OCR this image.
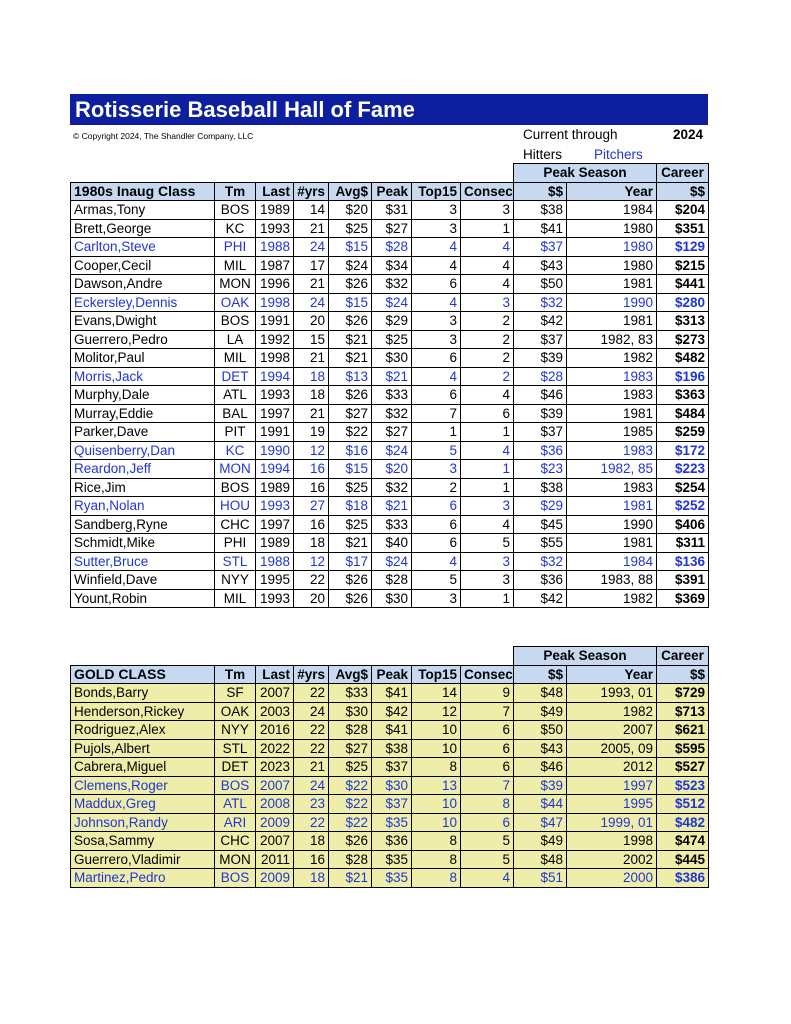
Rotisserie Baseball Hall of Fame
© Copyright 2024, The Shandler Company, LLC	Current through	2024
Hitters Pitchers
								Peak Season		Career
1980s Inaug Class	Tm	Last	#yrs	Avg$	Peak	Top15	Consec	$$	Year	$$
Armas,Tony	BOS	1989	14	$20	$31	3	3	$38	1984	$204
Brett,George	KC	1993	21	$25	$27	3	1	$41	1980	$351
Carlton,Steve	PHI	1988	24	$15	$28	4	4	$37	1980	$129
Cooper,Cecil	MIL	1987	17	$24	$34	4	4	$43	1980	$215
Dawson,Andre	MON	1996	21	$26	$32	6	4	$50	1981	$441
Eckersley,Dennis	OAK	1998	24	$15	$24	4	3	$32	1990	$280
Evans,Dwight	BOS	1991	20	$26	$29	3	2	$42	1981	$313
Guerrero,Pedro	LA	1992	15	$21	$25	3	2	$37	1982, 83	$273
Molitor,Paul	MIL	1998	21	$21	$30	6	2	$39	1982	$482
Morris,Jack	DET	1994	18	$13	$21	4	2	$28	1983	$196
Murphy,Dale	ATL	1993	18	$26	$33	6	4	$46	1983	$363
Murray,Eddie	BAL	1997	21	$27	$32	7	6	$39	1981	$484
Parker,Dave	PIT	1991	19	$22	$27	1	1	$37	1985	$259
Quisenberry,Dan	KC	1990	12	$16	$24	5	4	$36	1983	$172
Reardon,Jeff	MON	1994	16	$15	$20	3	1	$23	1982, 85	$223
Rice,Jim	BOS	1989	16	$25	$32	2	1	$38	1983	$254
Ryan,Nolan	HOU	1993	27	$18	$21	6	3	$29	1981	$252
Sandberg,Ryne	CHC	1997	16	$25	$33	6	4	$45	1990	$406
Schmidt,Mike	PHI	1989	18	$21	$40	6	5	$55	1981	$311
Sutter,Bruce	STL	1988	12	$17	$24	4	3	$32	1984	$136
Winfield,Dave	NYY	1995	22	$26	$28	5	3	$36	1983, 88	$391
Yount,Robin	MIL	1993	20	$26	$30	3	1	$42	1982	$369
								Peak Season		Career
GOLD CLASS	Tm	Last	#yrs	Avg$	Peak	Top15	Consec	$$	Year	$$
Bonds,Barry	SF	2007	22	$33	$41	14	9	$48	1993, 01	$729
Henderson,Rickey	OAK	2003	24	$30	$42	12	7	$49	1982	$713
Rodriguez,Alex	NYY	2016	22	$28	$41	10	6	$50	2007	$621
Pujols,Albert	STL	2022	22	$27	$38	10	6	$43	2005, 09	$595
Cabrera,Miguel	DET	2023	21	$25	$37	8	6	$46	2012	$527
Clemens,Roger	BOS	2007	24	$22	$30	13	7	$39	1997	$523
Maddux,Greg	ATL	2008	23	$22	$37	10	8	$44	1995	$512
Johnson,Randy	ARI	2009	22	$22	$35	10	6	$47	1999, 01	$482
Sosa,Sammy	CHC	2007	18	$26	$36	8	5	$49	1998	$474
Guerrero,Vladimir	MON	2011	16	$28	$35	8	5	$48	2002	$445
Martinez,Pedro	BOS	2009	18	$21	$35	8	4	$51	2000	$386
